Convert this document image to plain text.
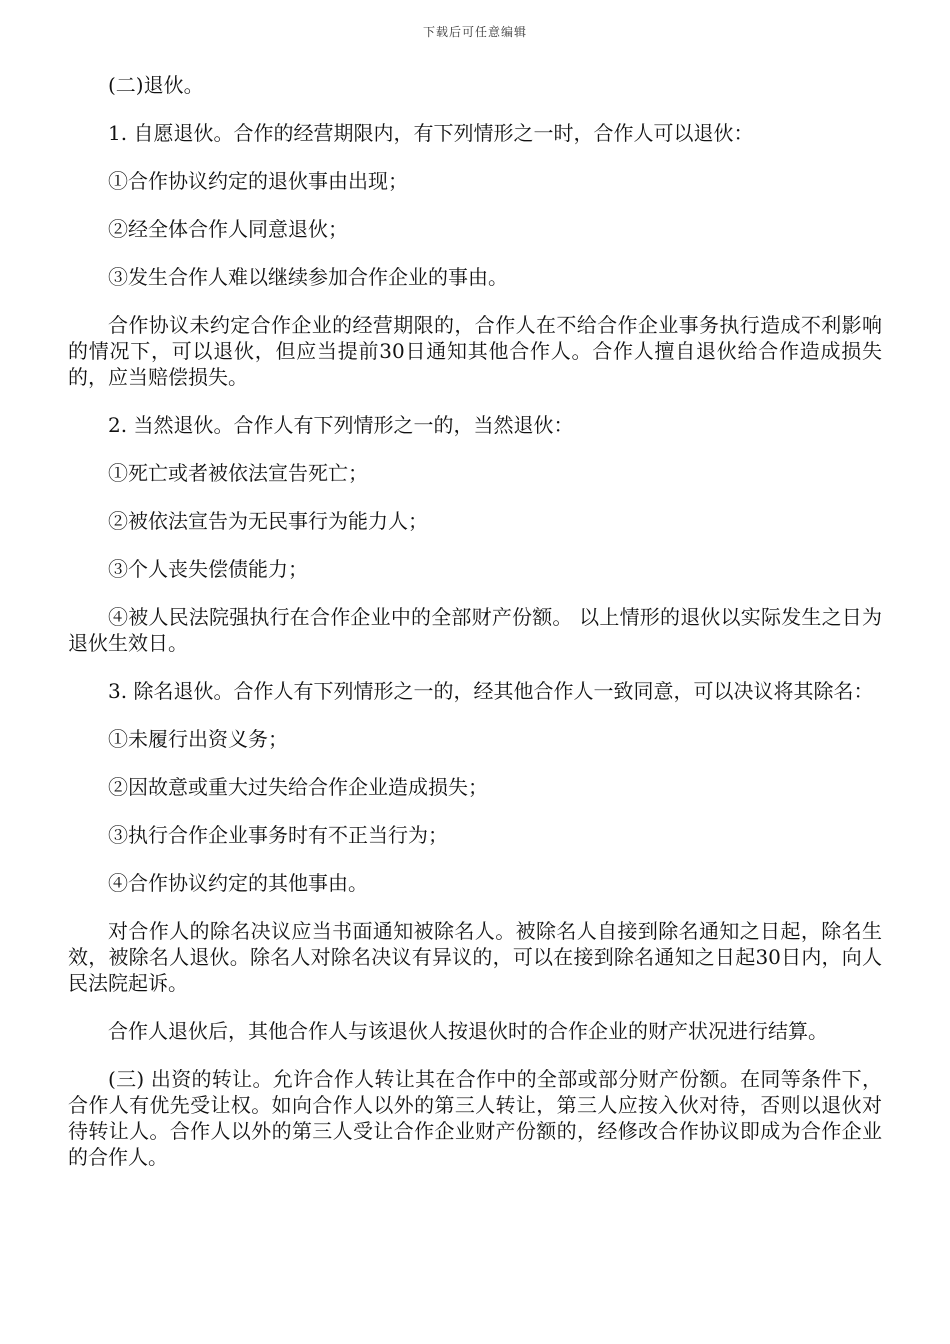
下载后可任意编辑

(二)退伙。

1. 自愿退伙。合作的经营期限内，有下列情形之一时，合作人可以退伙：

①合作协议约定的退伙事由出现；

②经全体合作人同意退伙；

③发生合作人难以继续参加合作企业的事由。

合作协议未约定合作企业的经营期限的，合作人在不给合作企业事务执行造成不利影响的情况下，可以退伙，但应当提前30日通知其他合作人。合作人擅自退伙给合作造成损失的，应当赔偿损失。

2. 当然退伙。合作人有下列情形之一的，当然退伙：

①死亡或者被依法宣告死亡；

②被依法宣告为无民事行为能力人；

③个人丧失偿债能力；

④被人民法院强执行在合作企业中的全部财产份额。 以上情形的退伙以实际发生之日为退伙生效日。

3. 除名退伙。合作人有下列情形之一的，经其他合作人一致同意，可以决议将其除名：

①未履行出资义务；

②因故意或重大过失给合作企业造成损失；

③执行合作企业事务时有不正当行为；

④合作协议约定的其他事由。

对合作人的除名决议应当书面通知被除名人。被除名人自接到除名通知之日起，除名生效，被除名人退伙。除名人对除名决议有异议的，可以在接到除名通知之日起30日内，向人民法院起诉。

合作人退伙后，其他合作人与该退伙人按退伙时的合作企业的财产状况进行结算。

(三) 出资的转让。允许合作人转让其在合作中的全部或部分财产份额。在同等条件下，合作人有优先受让权。如向合作人以外的第三人转让，第三人应按入伙对待，否则以退伙对待转让人。合作人以外的第三人受让合作企业财产份额的，经修改合作协议即成为合作企业的合作人。
